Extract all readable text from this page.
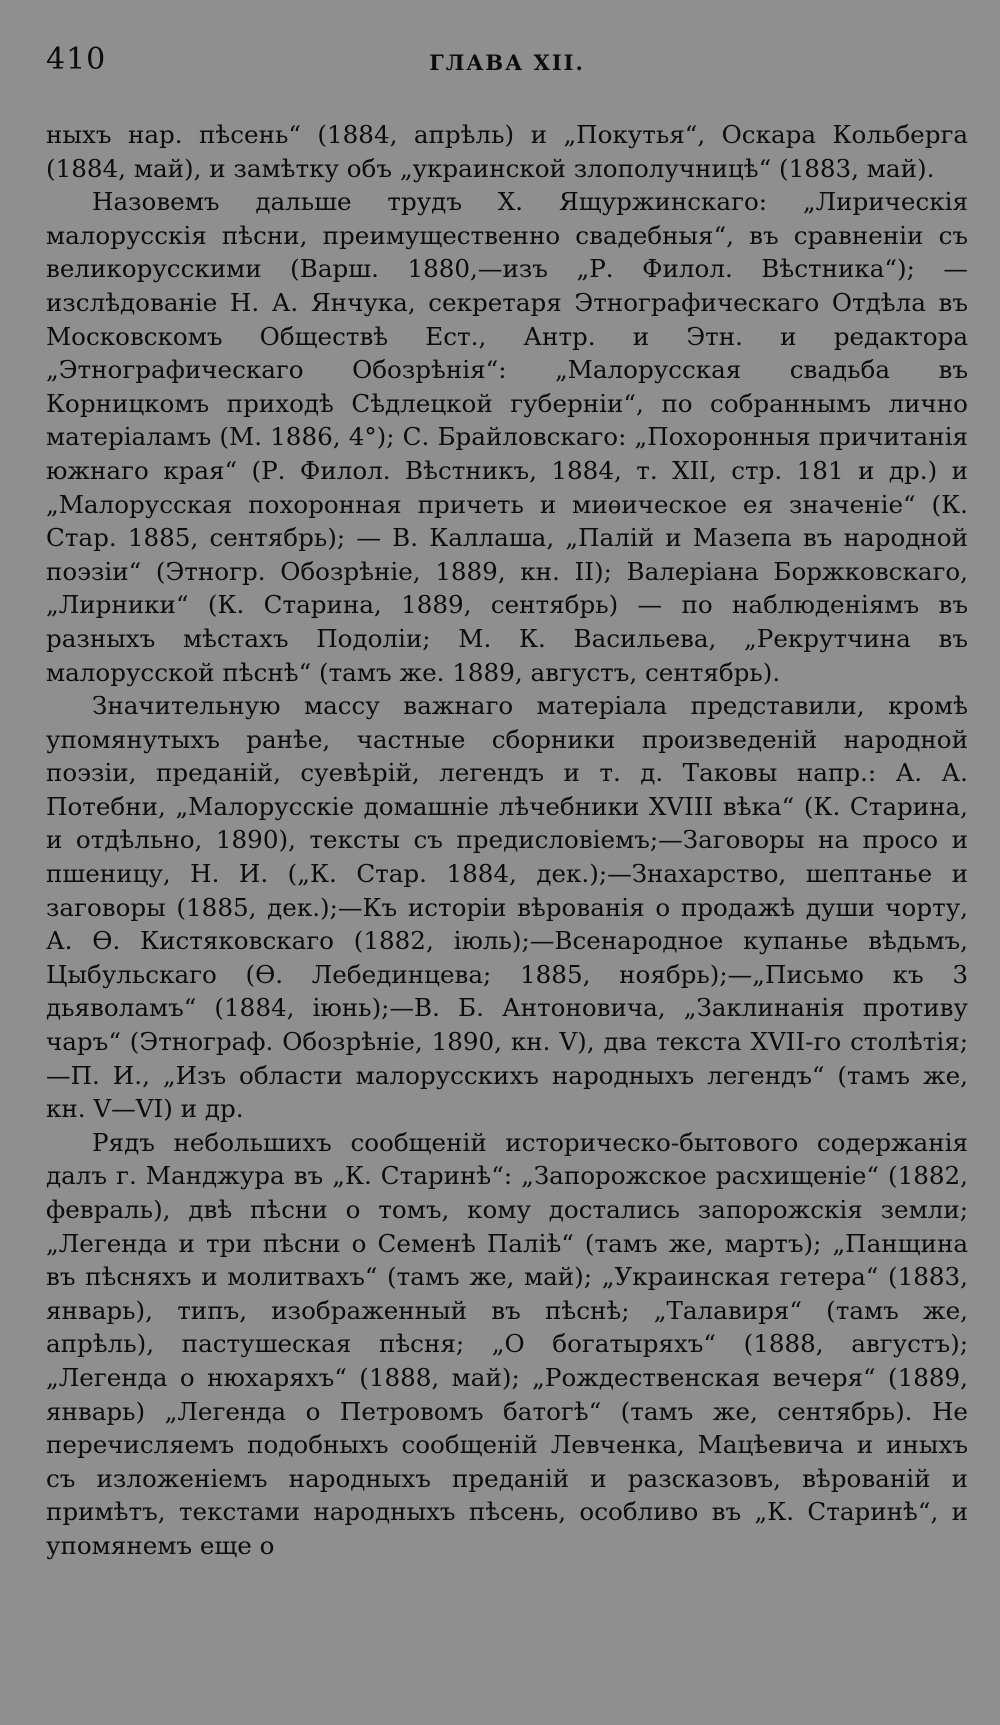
410	ГЛАВА XII.

ныхъ нар. пѣсень“ (1884, апрѣль) и „Покутья“, Оскара Кольберга (1884, май), и замѣтку объ „украинской злополучницѣ“ (1883, май).

Назовемъ дальше трудъ Х. Ящуржинскаго: „Лирическія малорусскія пѣсни, преимущественно свадебныя“, въ сравненіи съ великорусскими (Варш. 1880,—изъ „Р. Филол. Вѣстника“); — изслѣдованіе Н. А. Янчука, секретаря Этнографическаго Отдѣла въ Московскомъ Обществѣ Ест., Антр. и Этн. и редактора „Этнографическаго Обозрѣнія“: „Малорусская свадьба въ Корницкомъ приходѣ Сѣдлецкой губерніи“, по собраннымъ лично матеріаламъ (М. 1886, 4°); С. Брайловскаго: „Похоронныя причитанія южнаго края“ (Р. Филол. Вѣстникъ, 1884, т. XII, стр. 181 и др.) и „Малорусская похоронная причеть и миѳическое ея значеніе“ (К. Стар. 1885, сентябрь); — В. Каллаша, „Палій и Мазепа въ народной поэзіи“ (Этногр. Обозрѣніе, 1889, кн. II); Валеріана Боржковскаго, „Лирники“ (К. Старина, 1889, сентябрь) — по наблюденіямъ въ разныхъ мѣстахъ Подоліи; М. К. Васильева, „Рекрутчина въ малорусской пѣснѣ“ (тамъ же. 1889, августъ, сентябрь).

Значительную массу важнаго матеріала представили, кромѣ упомянутыхъ ранѣе, частные сборники произведеній народной поэзіи, преданій, суевѣрій, легендъ и т. д. Таковы напр.: А. А. Потебни, „Малорусскіе домашніе лѣчебники XVIII вѣка“ (К. Старина, и отдѣльно, 1890), тексты съ предисловіемъ;—Заговоры на просо и пшеницу, Н. И. („К. Стар. 1884, дек.);—Знахарство, шептанье и заговоры (1885, дек.);—Къ исторіи вѣрованія о продажѣ души чорту, А. Ѳ. Кистяковскаго (1882, іюль);—Всенародное купанье вѣдьмъ, Цыбульскаго (Ѳ. Лебединцева; 1885, ноябрь);—„Письмо къ 3 дьяволамъ“ (1884, іюнь);—В. Б. Антоновича, „Заклинанія противу чаръ“ (Этнограф. Обозрѣніе, 1890, кн. V), два текста XVII-го столѣтія;—П. И., „Изъ области малорусскихъ народныхъ легендъ“ (тамъ же, кн. V—VI) и др.

Рядъ небольшихъ сообщеній историческо-бытового содержанія далъ г. Манджура въ „К. Старинѣ“: „Запорожское расхищеніе“ (1882, февраль), двѣ пѣсни о томъ, кому достались запорожскія земли; „Легенда и три пѣсни о Семенѣ Паліѣ“ (тамъ же, мартъ); „Панщина въ пѣсняхъ и молитвахъ“ (тамъ же, май); „Украинская гетера“ (1883, январь), типъ, изображенный въ пѣснѣ; „Талавиря“ (тамъ же, апрѣль), пастушеская пѣсня; „О богатыряхъ“ (1888, августъ); „Легенда о нюхаряхъ“ (1888, май); „Рождественская вечеря“ (1889, январь) „Легенда о Петровомъ батогѣ“ (тамъ же, сентябрь). Не перечисляемъ подобныхъ сообщеній Левченка, Мацѣевича и иныхъ съ изложеніемъ народныхъ преданій и разсказовъ, вѣрованій и примѣтъ, текстами народныхъ пѣсень, особливо въ „К. Старинѣ“, и упомянемъ еще о
